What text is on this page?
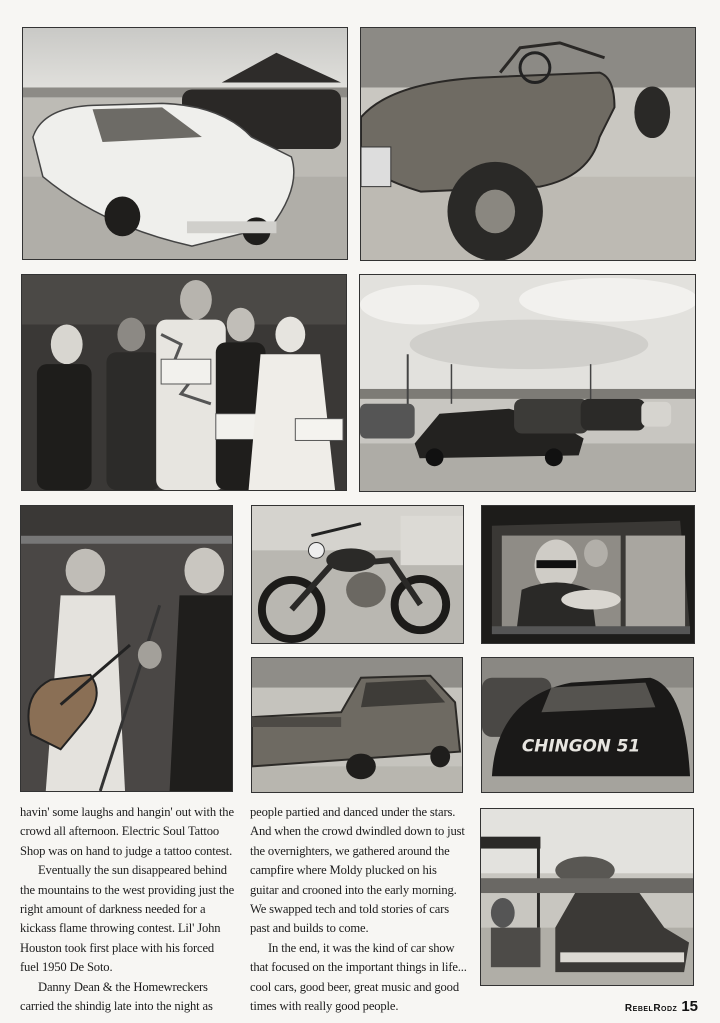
CHINGON 51

havin' some laughs and hangin' out with the crowd all afternoon. Electric Soul Tattoo Shop was on hand to judge a tattoo contest.

Eventually the sun disappeared behind the mountains to the west providing just the right amount of darkness needed for a kickass flame throwing contest. Lil' John Houston took first place with his forced fuel 1950 De Soto.

Danny Dean & the Homewreckers carried the shindig late into the night as

people partied and danced under the stars. And when the crowd dwindled down to just the overnighters, we gathered around the campfire where Moldy plucked on his guitar and crooned into the early morning. We swapped tech and told stories of cars past and builds to come.

In the end, it was the kind of car show that focused on the important things in life... cool cars, good beer, great music and good times with really good people.	RebelRodz 15
